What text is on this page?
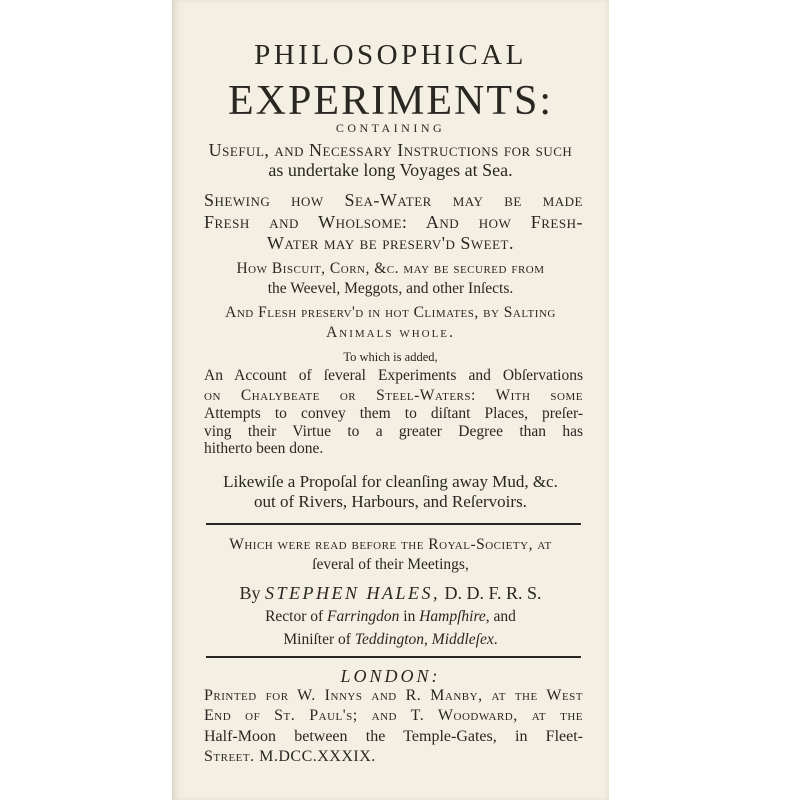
PHILOSOPHICAL
EXPERIMENTS:
CONTAINING
Uſeful, and Neceſſary Instructions for ſuch
as undertake long Voyages at Sea.
Shewing how Sea-Water may be made
Fresh and Wholsome: And how Fresh-
Water may be preſerv'd Sweet.
How Biscuit, Corn, &c. may be ſecured from
the Weevel, Meggots, and other Inſects.
And Flesh preſerv'd in hot Climates, by Salting
Animals whole.
To which is added,
An Account of ſeveral Experiments and Obſervations
on Chalybeate or Steel-Waters: With ſome
Attempts to convey them to diſtant Places, preſer-
ving their Virtue to a greater Degree than has
hitherto been done.
Likewiſe a Propoſal for cleanſing away Mud, &c.
out of Rivers, Harbours, and Reſervoirs.
Which were read before the Royal-Society, at
ſeveral of their Meetings,
By STEPHEN HALES, D. D. F. R. S.
Rector of Farringdon in Hampſhire, and
Miniſter of Teddington, Middleſex.
LONDON:
Printed for W. Innys and R. Manby, at the Weſt
End of St. Paul's; and T. Woodward, at the
Half-Moon between the Temple-Gates, in Fleet-
Street. M.DCC.XXXIX.
